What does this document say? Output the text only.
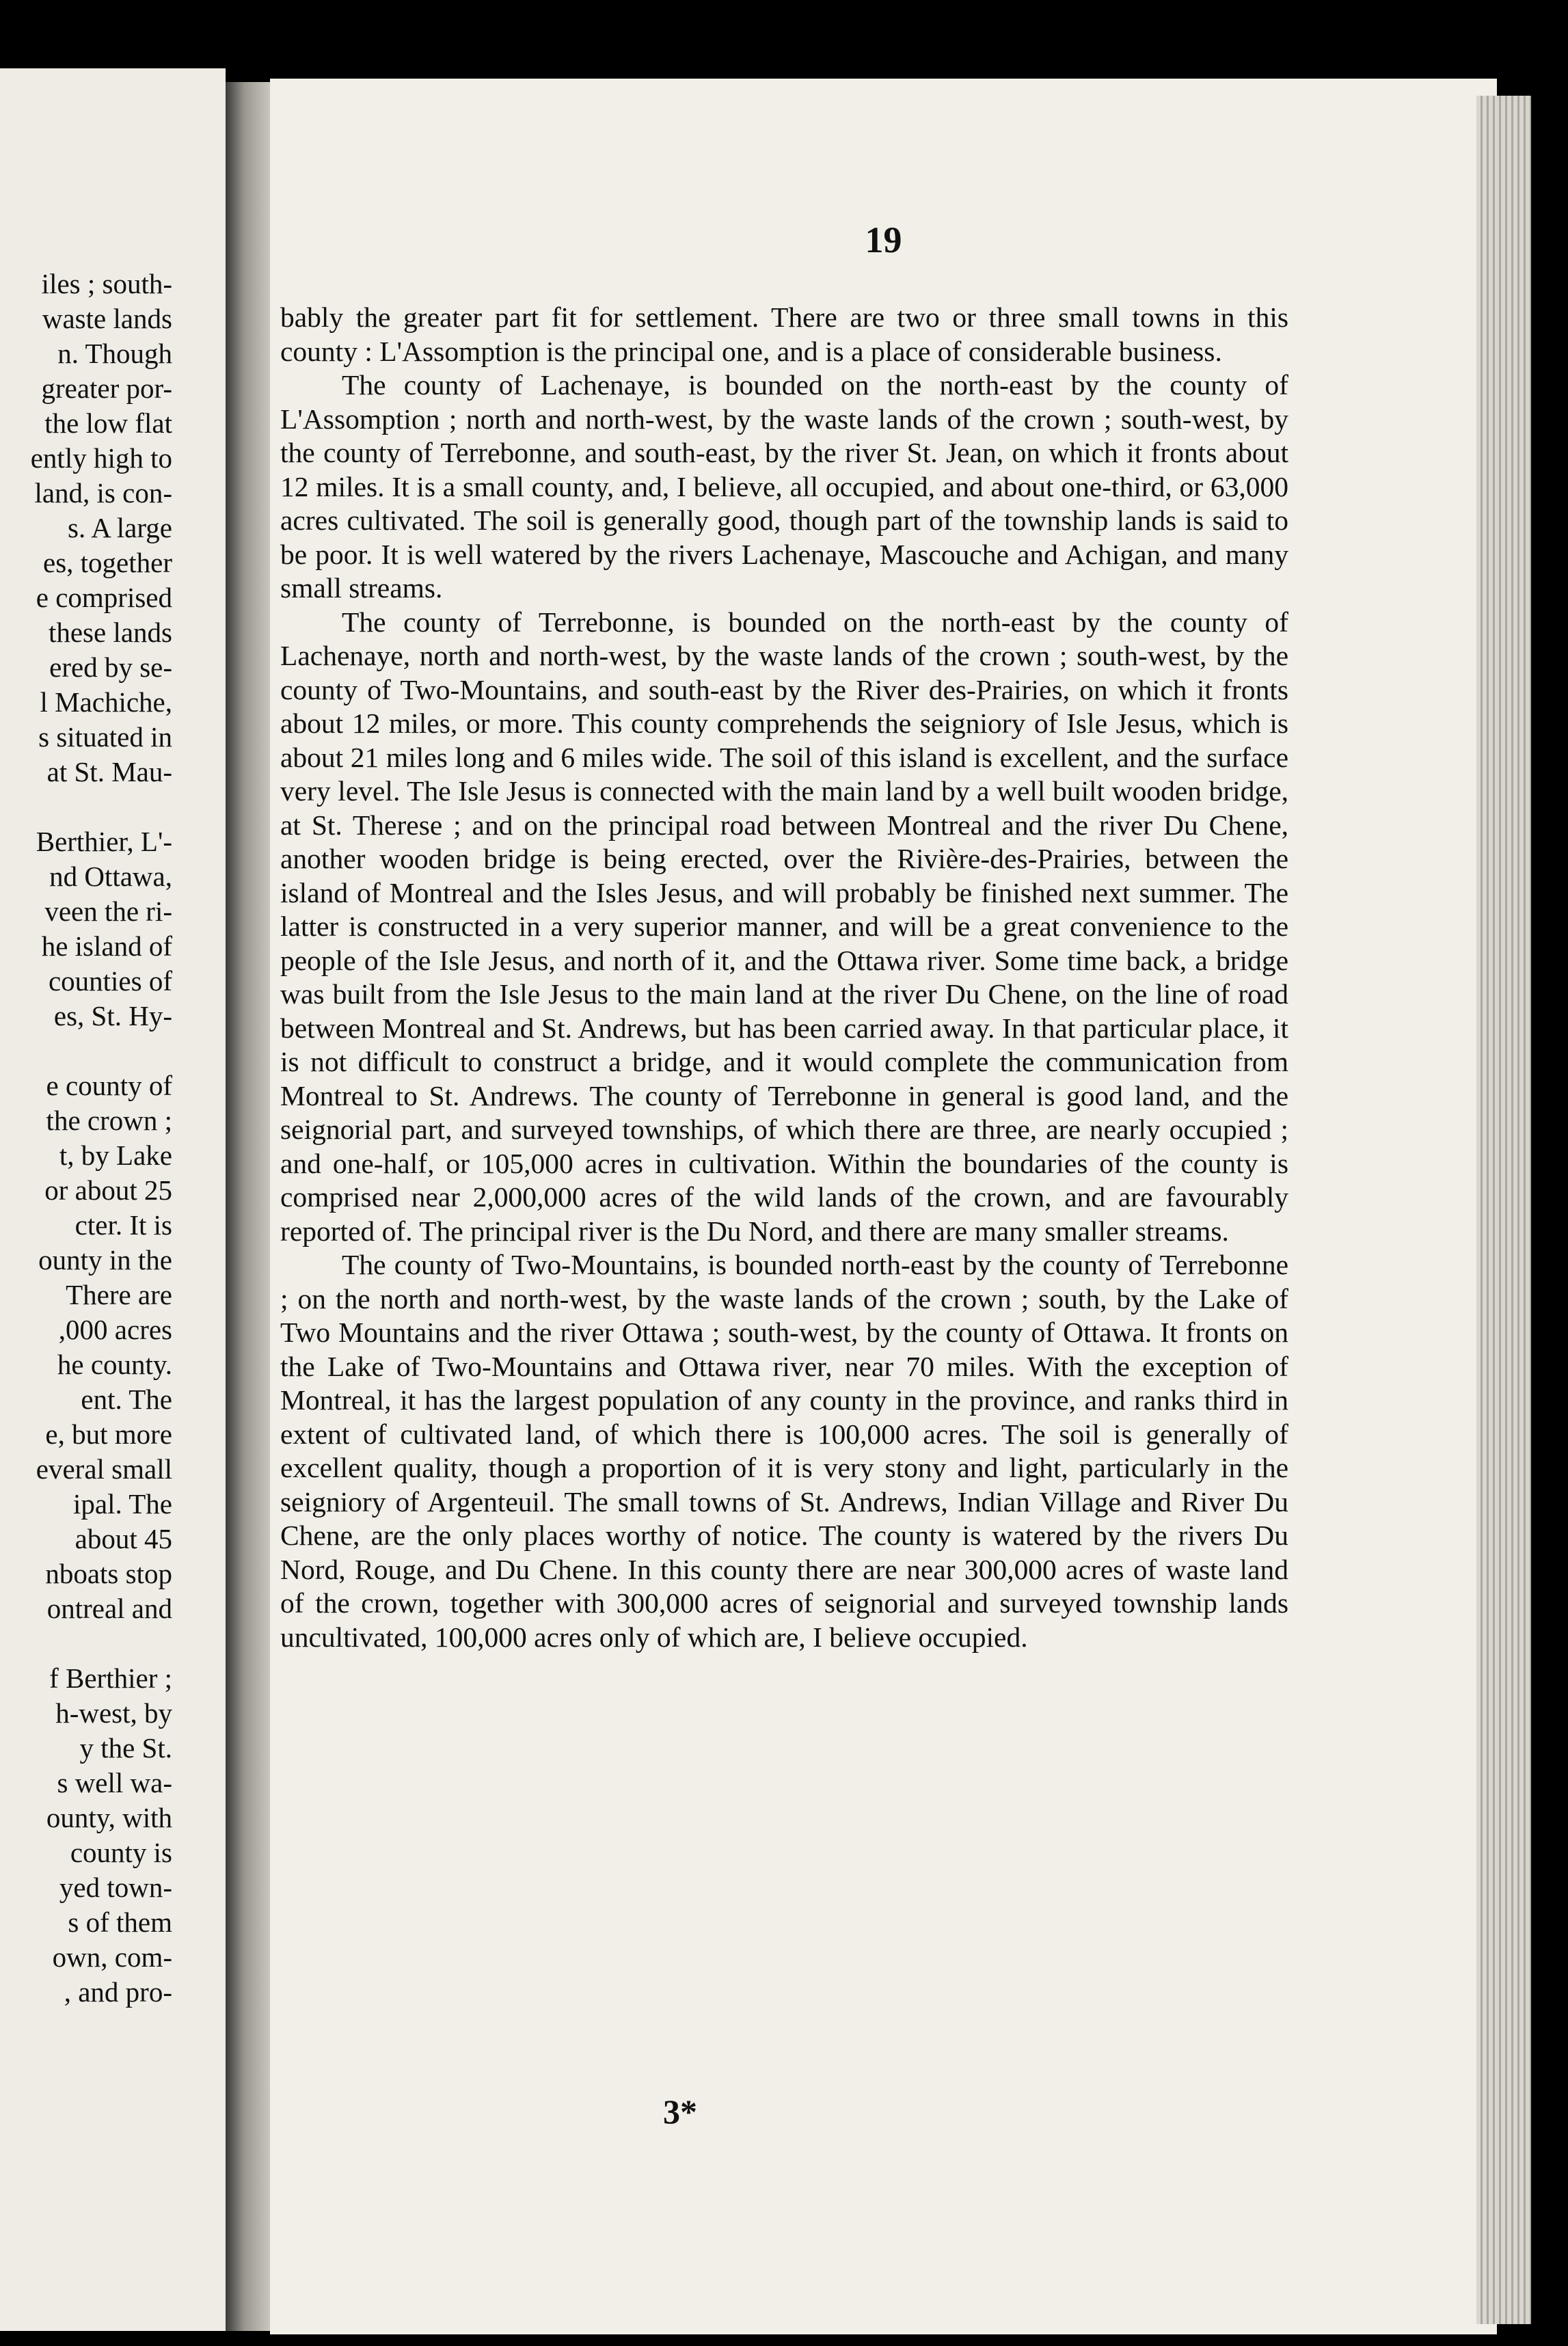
iles ; south-
waste lands
n. Though
greater por-
the low flat
ently high to
land, is con-
s. A large
es, together
e comprised
these lands
ered by se-
l Machiche,
s situated in
at St. Mau-

Berthier, L'-
nd Ottawa,
veen the ri-
he island of
counties of
es, St. Hy-

e county of
the crown ;
t, by Lake
or about 25
cter. It is
ounty in the
There are
,000 acres
he county.
ent. The
e, but more
everal small
ipal. The
about 45
nboats stop
ontreal and

f Berthier ;
h-west, by
y the St.
s well wa-
ounty, with
county is
yed town-
s of them
own, com-
, and pro-
19

bably the greater part fit for settlement. There are two or three small towns in this county : L'Assomption is the principal one, and is a place of considerable business.

The county of Lachenaye, is bounded on the north-east by the county of L'Assomption ; north and north-west, by the waste lands of the crown ; south-west, by the county of Terrebonne, and south-east, by the river St. Jean, on which it fronts about 12 miles. It is a small county, and, I believe, all occupied, and about one-third, or 63,000 acres cultivated. The soil is generally good, though part of the township lands is said to be poor. It is well watered by the rivers Lachenaye, Mascouche and Achigan, and many small streams.

The county of Terrebonne, is bounded on the north-east by the county of Lachenaye, north and north-west, by the waste lands of the crown ; south-west, by the county of Two-Mountains, and south-east by the River des-Prairies, on which it fronts about 12 miles, or more. This county comprehends the seigniory of Isle Jesus, which is about 21 miles long and 6 miles wide. The soil of this island is excellent, and the surface very level. The Isle Jesus is connected with the main land by a well built wooden bridge, at St. Therese ; and on the principal road between Montreal and the river Du Chene, another wooden bridge is being erected, over the Rivière-des-Prairies, between the island of Montreal and the Isles Jesus, and will probably be finished next summer. The latter is constructed in a very superior manner, and will be a great convenience to the people of the Isle Jesus, and north of it, and the Ottawa river. Some time back, a bridge was built from the Isle Jesus to the main land at the river Du Chene, on the line of road between Montreal and St. Andrews, but has been carried away. In that particular place, it is not difficult to construct a bridge, and it would complete the communication from Montreal to St. Andrews. The county of Terrebonne in general is good land, and the seignorial part, and surveyed townships, of which there are three, are nearly occupied ; and one-half, or 105,000 acres in cultivation. Within the boundaries of the county is comprised near 2,000,000 acres of the wild lands of the crown, and are favourably reported of. The principal river is the Du Nord, and there are many smaller streams.

The county of Two-Mountains, is bounded north-east by the county of Terrebonne ; on the north and north-west, by the waste lands of the crown ; south, by the Lake of Two Mountains and the river Ottawa ; south-west, by the county of Ottawa. It fronts on the Lake of Two-Mountains and Ottawa river, near 70 miles. With the exception of Montreal, it has the largest population of any county in the province, and ranks third in extent of cultivated land, of which there is 100,000 acres. The soil is generally of excellent quality, though a proportion of it is very stony and light, particularly in the seigniory of Argenteuil. The small towns of St. Andrews, Indian Village and River Du Chene, are the only places worthy of notice. The county is watered by the rivers Du Nord, Rouge, and Du Chene. In this county there are near 300,000 acres of waste land of the crown, together with 300,000 acres of seignorial and surveyed township lands uncultivated, 100,000 acres only of which are, I believe occupied.

3*
